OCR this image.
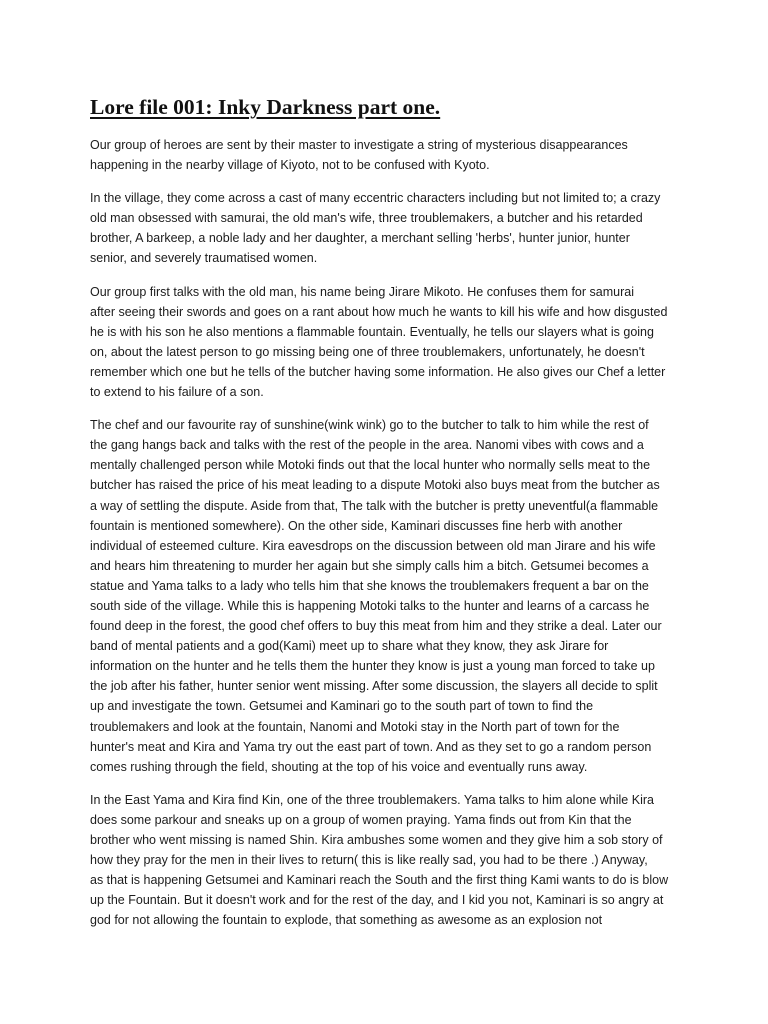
Lore file 001: Inky Darkness part one.

Our group of heroes are sent by their master to investigate a string of mysterious disappearances
happening in the nearby village of Kiyoto, not to be confused with Kyoto.

In the village, they come across a cast of many eccentric characters including but not limited to; a crazy
old man obsessed with samurai, the old man's wife, three troublemakers, a butcher and his retarded
brother, A barkeep, a noble lady and her daughter, a merchant selling 'herbs', hunter junior, hunter
senior, and severely traumatised women.

Our group first talks with the old man, his name being Jirare Mikoto. He confuses them for samurai
after seeing their swords and goes on a rant about how much he wants to kill his wife and how disgusted
he is with his son he also mentions a flammable fountain. Eventually, he tells our slayers what is going
on, about the latest person to go missing being one of three troublemakers, unfortunately, he doesn't
remember which one but he tells of the butcher having some information. He also gives our Chef a letter
to extend to his failure of a son.

The chef and our favourite ray of sunshine(wink wink) go to the butcher to talk to him while the rest of
the gang hangs back and talks with the rest of the people in the area. Nanomi vibes with cows and a
mentally challenged person while Motoki finds out that the local hunter who normally sells meat to the
butcher has raised the price of his meat leading to a dispute Motoki also buys meat from the butcher as
a way of settling the dispute. Aside from that, The talk with the butcher is pretty uneventful(a flammable
fountain is mentioned somewhere). On the other side, Kaminari discusses fine herb with another
individual of esteemed culture. Kira eavesdrops on the discussion between old man Jirare and his wife
and hears him threatening to murder her again but she simply calls him a bitch. Getsumei becomes a
statue and Yama talks to a lady who tells him that she knows the troublemakers frequent a bar on the
south side of the village. While this is happening Motoki talks to the hunter and learns of a carcass he
found deep in the forest, the good chef offers to buy this meat from him and they strike a deal. Later our
band of mental patients and a god(Kami) meet up to share what they know, they ask Jirare for
information on the hunter and he tells them the hunter they know is just a young man forced to take up
the job after his father, hunter senior went missing. After some discussion, the slayers all decide to split
up and investigate the town. Getsumei and Kaminari go to the south part of town to find the
troublemakers and look at the fountain, Nanomi and Motoki stay in the North part of town for the
hunter's meat and Kira and Yama try out the east part of town. And as they set to go a random person
comes rushing through the field, shouting at the top of his voice and eventually runs away.

In the East Yama and Kira find Kin, one of the three troublemakers. Yama talks to him alone while Kira
does some parkour and sneaks up on a group of women praying. Yama finds out from Kin that the
brother who went missing is named Shin. Kira ambushes some women and they give him a sob story of
how they pray for the men in their lives to return( this is like really sad, you had to be there .) Anyway,
as that is happening Getsumei and Kaminari reach the South and the first thing Kami wants to do is blow
up the Fountain. But it doesn't work and for the rest of the day, and I kid you not, Kaminari is so angry at
god for not allowing the fountain to explode, that something as awesome as an explosion not
